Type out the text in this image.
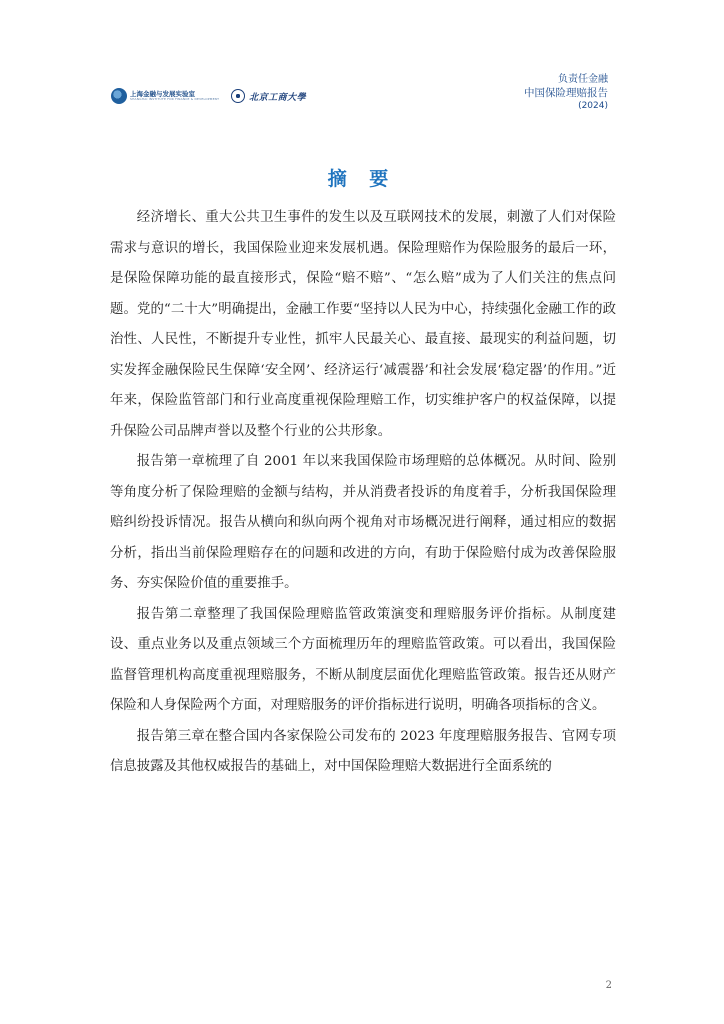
上海金融与发展实验室
SHANGHAI INSTITUTE FOR FINANCE & DEVELOPMENT	北京工商大學
负责任金融
中国保险理赔报告
(2024)
摘 要

经济增长、重大公共卫生事件的发生以及互联网技术的发展，刺激了人们对保险需求与意识的增长，我国保险业迎来发展机遇。保险理赔作为保险服务的最后一环，是保险保障功能的最直接形式，保险“赔不赔”、“怎么赔”成为了人们关注的焦点问题。党的“二十大”明确提出，金融工作要“坚持以人民为中心，持续强化金融工作的政治性、人民性，不断提升专业性，抓牢人民最关心、最直接、最现实的利益问题，切实发挥金融保险民生保障‘安全网’、经济运行‘减震器’和社会发展‘稳定器’的作用。”近年来，保险监管部门和行业高度重视保险理赔工作，切实维护客户的权益保障，以提升保险公司品牌声誉以及整个行业的公共形象。

报告第一章梳理了自 2001 年以来我国保险市场理赔的总体概况。从时间、险别等角度分析了保险理赔的金额与结构，并从消费者投诉的角度着手，分析我国保险理赔纠纷投诉情况。报告从横向和纵向两个视角对市场概况进行阐释，通过相应的数据分析，指出当前保险理赔存在的问题和改进的方向，有助于保险赔付成为改善保险服务、夯实保险价值的重要推手。

报告第二章整理了我国保险理赔监管政策演变和理赔服务评价指标。从制度建设、重点业务以及重点领域三个方面梳理历年的理赔监管政策。可以看出，我国保险监督管理机构高度重视理赔服务，不断从制度层面优化理赔监管政策。报告还从财产保险和人身保险两个方面，对理赔服务的评价指标进行说明，明确各项指标的含义。

报告第三章在整合国内各家保险公司发布的 2023 年度理赔服务报告、官网专项信息披露及其他权威报告的基础上，对中国保险理赔大数据进行全面系统的

2
